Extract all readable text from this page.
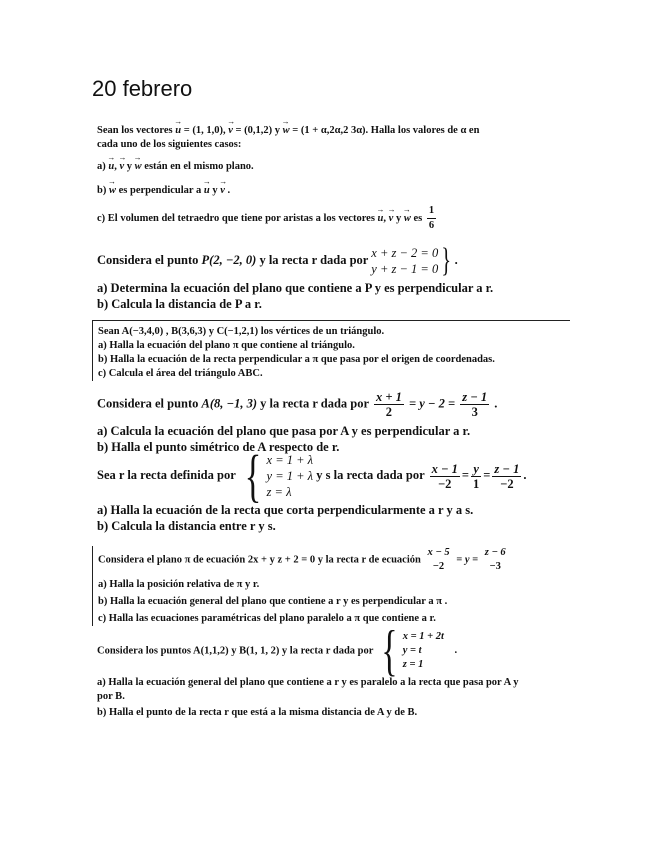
20 febrero
Sean los vectores → u = (1, 1,0), → v = (0,1,2) y → w = (1 + α,2α,2 3α). Halla los valores de α en
cada uno de los siguientes casos:
a) → u, → v y → w están en el mismo plano.
b) → w es perpendicular a → u y → v .
c) El volumen del tetraedro que tiene por aristas a los vectores → u, → v y → w es $\frac{1}{6}$
Considera el punto P(2, −2, 0) y la recta r dada por x + z − 2 = 0
y + z − 1 = 0 } .
a) Determina la ecuación del plano que contiene a P y es perpendicular a r.
b) Calcula la distancia de P a r.
Sean A(−3,4,0) , B(3,6,3) y C(−1,2,1) los vértices de un triángulo.
a) Halla la ecuación del plano π que contiene al triángulo.
b) Halla la ecuación de la recta perpendicular a π que pasa por el origen de coordenadas.
c) Calcula el área del triángulo ABC.
Considera el punto A(8, −1, 3) y la recta r dada por $\frac{x + 1}{2} = y - 2 = \frac{z - 1}{3}$ .
a) Calcula la ecuación del plano que pasa por A y es perpendicular a r.
b) Halla el punto simétrico de A respecto de r.
Sea r la recta definida por { x = 1 + λ
y = 1 + λ
z = λ
y s la recta dada por $\frac{x - 1}{-2} = \frac{y}{1} = \frac{z - 1}{-2}$ .
a) Halla la ecuación de la recta que corta perpendicularmente a r y a s.
b) Calcula la distancia entre r y s.
Considera el plano π de ecuación 2x + y z + 2 = 0 y la recta r de ecuación
x − 5
−2
= y =
z − 6
−3
a) Halla la posición relativa de π y r.
b) Halla la ecuación general del plano que contiene a r y es perpendicular a π .
c) Halla las ecuaciones paramétricas del plano paralelo a π que contiene a r.
Considera los puntos A(1,1,2) y B(1, 1, 2) y la recta r dada por { x = 1 + 2t
y = t
z = 1
.
a) Halla la ecuación general del plano que contiene a r y es paralelo a la recta que pasa por A y
por B.
b) Halla el punto de la recta r que está a la misma distancia de A y de B.
